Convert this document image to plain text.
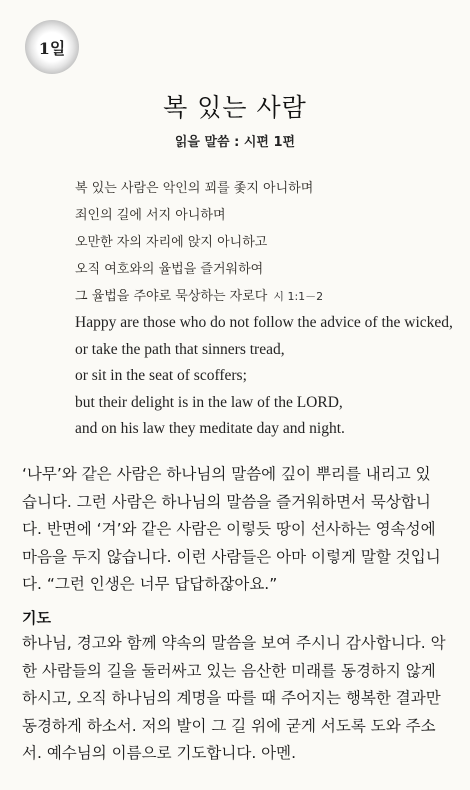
1일
복 있는 사람
읽을 말씀 : 시편 1편
복 있는 사람은 악인의 꾀를 좇지 아니하며
죄인의 길에 서지 아니하며
오만한 자의 자리에 앉지 아니하고
오직 여호와의 율법을 즐거워하여
그 율법을 주야로 묵상하는 자로다 시 1:1－2
Happy are those who do not follow the advice of the wicked,
or take the path that sinners tread,
or sit in the seat of scoffers;
but their delight is in the law of the LORD,
and on his law they meditate day and night.

‘나무’와 같은 사람은 하나님의 말씀에 깊이 뿌리를 내리고 있
습니다. 그런 사람은 하나님의 말씀을 즐거워하면서 묵상합니
다. 반면에 ‘겨’와 같은 사람은 이렇듯 땅이 선사하는 영속성에
마음을 두지 않습니다. 이런 사람들은 아마 이렇게 말할 것입니
다. “그런 인생은 너무 답답하잖아요.”

기도

하나님, 경고와 함께 약속의 말씀을 보여 주시니 감사합니다. 악
한 사람들의 길을 둘러싸고 있는 음산한 미래를 동경하지 않게
하시고, 오직 하나님의 계명을 따를 때 주어지는 행복한 결과만
동경하게 하소서. 저의 발이 그 길 위에 굳게 서도록 도와 주소
서. 예수님의 이름으로 기도합니다. 아멘.
